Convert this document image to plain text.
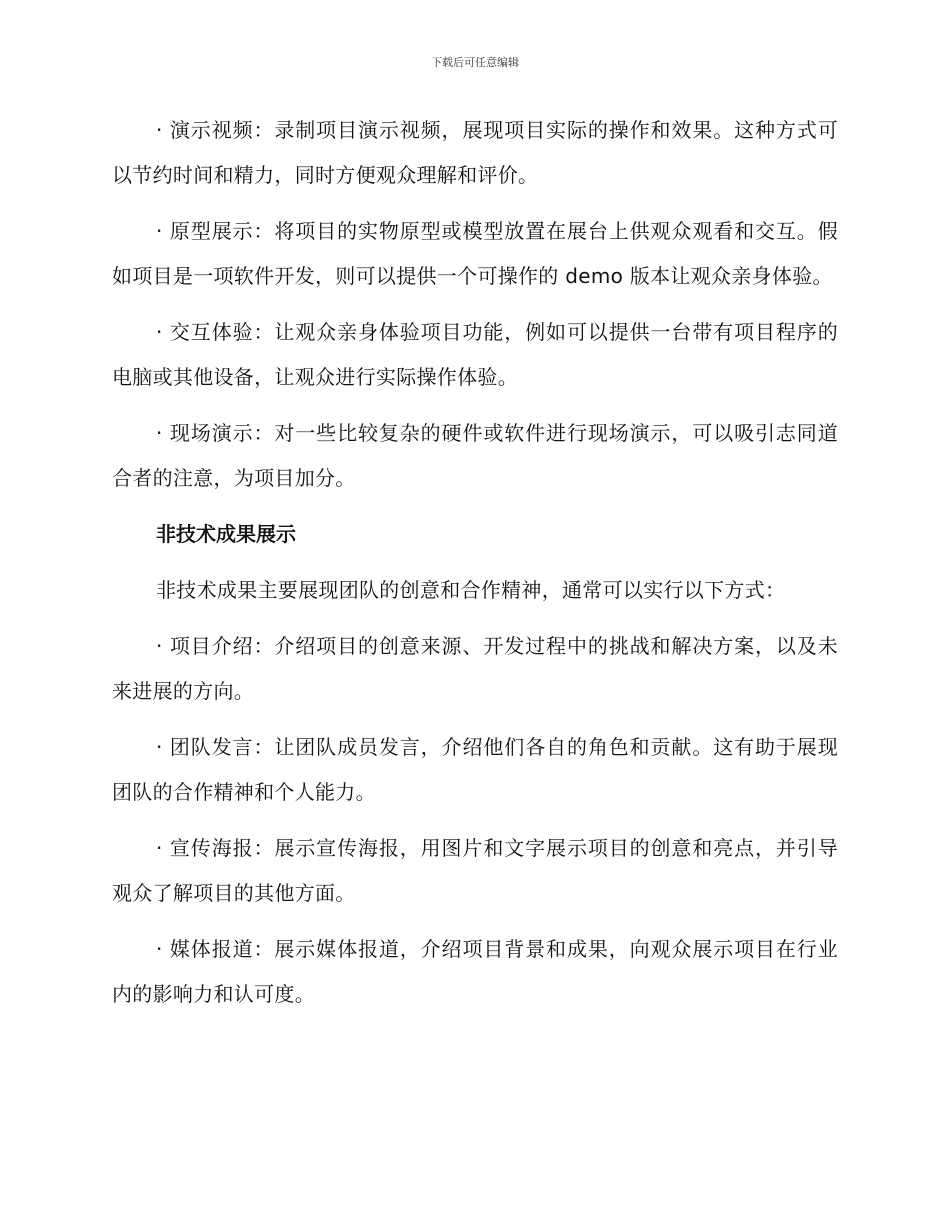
下载后可任意编辑

· 演示视频：录制项目演示视频，展现项目实际的操作和效果。这种方式可以节约时间和精力，同时方便观众理解和评价。

· 原型展示：将项目的实物原型或模型放置在展台上供观众观看和交互。假如项目是一项软件开发，则可以提供一个可操作的 demo 版本让观众亲身体验。

· 交互体验：让观众亲身体验项目功能，例如可以提供一台带有项目程序的电脑或其他设备，让观众进行实际操作体验。

· 现场演示：对一些比较复杂的硬件或软件进行现场演示，可以吸引志同道合者的注意，为项目加分。

非技术成果展示

非技术成果主要展现团队的创意和合作精神，通常可以实行以下方式：

· 项目介绍：介绍项目的创意来源、开发过程中的挑战和解决方案，以及未来进展的方向。

· 团队发言：让团队成员发言，介绍他们各自的角色和贡献。这有助于展现团队的合作精神和个人能力。

· 宣传海报：展示宣传海报，用图片和文字展示项目的创意和亮点，并引导观众了解项目的其他方面。

· 媒体报道：展示媒体报道，介绍项目背景和成果，向观众展示项目在行业内的影响力和认可度。
